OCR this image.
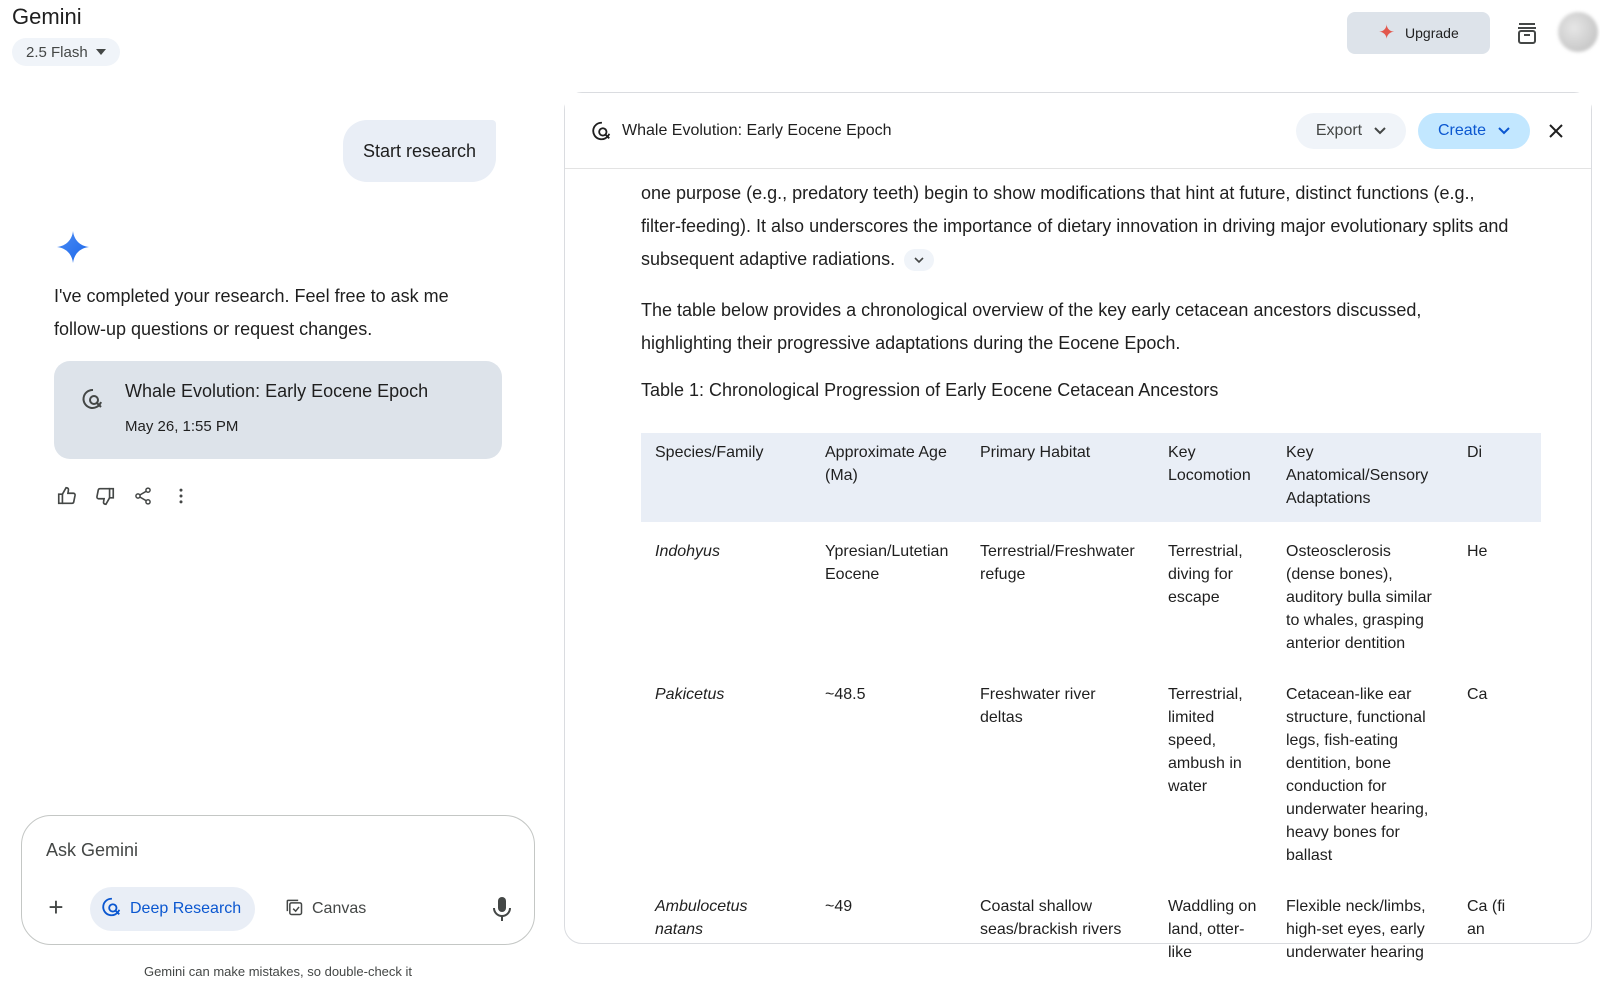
Gemini
2.5 Flash
✦ Upgrade
Start research
I've completed your research. Feel free to ask me follow-up questions or request changes.
Whale Evolution: Early Eocene Epoch
May 26, 1:55 PM
Ask Gemini
+	Deep Research	Canvas
Gemini can make mistakes, so double-check it
Whale Evolution: Early Eocene Epoch	Export	Create
one purpose (e.g., predatory teeth) begin to show modifications that hint at future, distinct functions (e.g., filter-feeding). It also underscores the importance of dietary innovation in driving major evolutionary splits and subsequent adaptive radiations.
The table below provides a chronological overview of the key early cetacean ancestors discussed, highlighting their progressive adaptations during the Eocene Epoch.
Table 1: Chronological Progression of Early Eocene Cetacean Ancestors
Species/Family	Approximate Age (Ma)	Primary Habitat	Key Locomotion	Key Anatomical/Sensory Adaptations	Di
Indohyus	Ypresian/Lutetian Eocene	Terrestrial/Freshwater refuge	Terrestrial, diving for escape	Osteosclerosis (dense bones), auditory bulla similar to whales, grasping anterior dentition	He
Pakicetus	~48.5	Freshwater river deltas	Terrestrial, limited speed, ambush in water	Cetacean-like ear structure, functional legs, fish-eating dentition, bone conduction for underwater hearing, heavy bones for ballast	Ca
Ambulocetus natans	~49	Coastal shallow seas/brackish rivers	Waddling on land, otter-like	Flexible neck/limbs, high-set eyes, early underwater hearing	Ca (fi an
